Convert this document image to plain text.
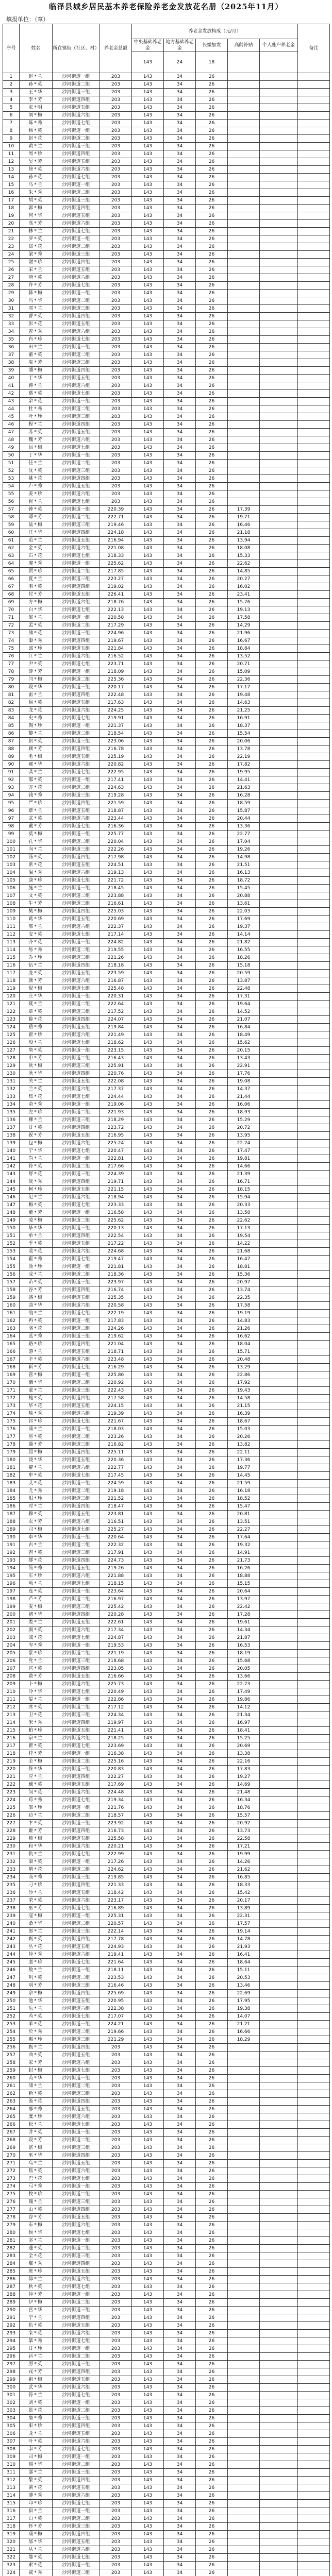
临泽县城乡居民基本养老保险养老金发放花名册（2025年11月）
填报单位：（章）
序号	姓名	所在镇街（社区、村）	养老金总额	养老金发放构成（元/月）					备注
				中央基础养老金	地方基础养老金	长缴加发	高龄补贴	个人账户养老金	
				143	24	18			
1	赵*兰	沙河街道一组	203	143	34	26			
2	孙*英	沙河街道二组	203	143	34	26			
3	王*华	沙河街道三组	203	143	34	26			
4	李*芳	沙河街道四组	203	143	34	26			
5	张*明	沙河街道五组	203	143	34	26			
6	刘*梅	沙河街道六组	203	143	34	26			
7	陈*秀	沙河街道七组	203	143	34	26			
8	杨*英	沙河街道一组	203	143	34	26			
9	赵*花	沙河街道二组	203	143	34	26			
10	黄*兰	沙河街道三组	203	143	34	26			
11	周*珍	沙河街道四组	203	143	34	26			
12	吴*芳	沙河街道五组	203	143	34	26			
13	徐*英	沙河街道六组	203	143	34	26			
14	孙*花	沙河街道七组	203	143	34	26			
15	马*兰	沙河街道一组	203	143	34	26			
16	朱*秀	沙河街道二组	203	143	34	26			
17	胡*英	沙河街道三组	203	143	34	26			
18	郭*梅	沙河街道四组	203	143	34	26			
19	何*华	沙河街道五组	203	143	34	26			
20	高*芳	沙河街道六组	203	143	34	26			
21	林*兰	沙河街道七组	203	143	34	26			
22	罗*英	沙河街道一组	203	143	34	26			
23	郑*花	沙河街道二组	203	143	34	26			
24	梁*秀	沙河街道三组	203	143	34	26			
25	谢*珍	沙河街道四组	203	143	34	26			
26	宋*兰	沙河街道五组	203	143	34	26			
27	唐*英	沙河街道六组	203	143	34	26			
28	许*芳	沙河街道七组	203	143	34	26			
29	韩*梅	沙河街道一组	203	143	34	26			
30	冯*华	沙河街道二组	203	143	34	26			
31	邓*兰	沙河街道三组	203	143	34	26			
32	曹*英	沙河街道四组	203	143	34	26			
33	彭*花	沙河街道五组	203	143	34	26			
34	曾*秀	沙河街道六组	203	143	34	26			
35	肖*珍	沙河街道七组	203	143	34	26			
36	田*兰	沙河街道一组	203	143	34	26			
37	董*英	沙河街道二组	203	143	34	26			
38	袁*芳	沙河街道三组	203	143	34	26			
39	潘*梅	沙河街道四组	203	143	34	26			
40	于*华	沙河街道五组	203	143	34	26			
41	蒋*兰	沙河街道六组	203	143	34	26			
42	蔡*英	沙河街道七组	203	143	34	26			
43	余*花	沙河街道一组	203	143	34	26			
44	杜*秀	沙河街道二组	203	143	34	26			
45	叶*珍	沙河街道三组	203	143	34	26			
46	程*兰	沙河街道四组	203	143	34	26			
47	苏*英	沙河街道五组	203	143	34	26			
48	魏*芳	沙河街道六组	203	143	34	26			
49	吕*梅	沙河街道七组	203	143	34	26			
50	丁*华	沙河街道一组	203	143	34	26			
51	任*兰	沙河街道二组	203	143	34	26			
52	沈*英	沙河街道三组	203	143	34	26			
53	姚*花	沙河街道四组	203	143	34	26			
54	卢*秀	沙河街道五组	203	143	34	26			
55	姜*珍	沙河街道六组	203	143	34	26			
56	崔*兰	沙河街道七组	203	143	34	26			
57	钟*英	沙河街道一组	220.39	143	34	26	17.39		
58	谭*芳	沙河街道二组	222.71	143	34	26	19.71		
59	陆*梅	沙河街道三组	219.46	143	34	26	16.46		
60	汪*华	沙河街道四组	224.18	143	34	26	21.18		
61	范*兰	沙河街道五组	216.94	143	34	26	13.94		
62	金*英	沙河街道六组	221.08	143	34	26	18.08		
63	石*花	沙河街道七组	218.33	143	34	26	15.33		
64	廖*秀	沙河街道一组	225.62	143	34	26	22.62		
65	贾*珍	沙河街道二组	217.85	143	34	26	14.85		
66	夏*兰	沙河街道三组	223.27	143	34	26	20.27		
67	韦*英	沙河街道四组	219.02	143	34	26	16.02		
68	付*芳	沙河街道五组	226.41	143	34	26	23.41		
69	方*梅	沙河街道六组	218.76	143	34	26	15.76		
70	白*华	沙河街道七组	222.13	143	34	26	19.13		
71	邹*兰	沙河街道一组	220.58	143	34	26	17.58		
72	孟*英	沙河街道二组	217.29	143	34	26	14.29		
73	熊*花	沙河街道三组	224.96	143	34	26	21.96		
74	秦*秀	沙河街道四组	219.67	143	34	26	16.67		
75	邱*珍	沙河街道五组	221.84	143	34	26	18.84		
76	江*兰	沙河街道六组	216.52	143	34	26	13.52		
77	尹*英	沙河街道七组	223.71	143	34	26	20.71		
78	薛*芳	沙河街道一组	218.09	143	34	26	15.09		
79	闫*梅	沙河街道二组	225.36	143	34	26	22.36		
80	段*华	沙河街道三组	220.17	143	34	26	17.17		
81	雷*兰	沙河街道四组	222.48	143	34	26	19.48		
82	侯*英	沙河街道五组	217.63	143	34	26	14.63		
83	龙*花	沙河街道六组	224.25	143	34	26	21.25		
84	史*秀	沙河街道七组	219.91	143	34	26	16.91		
85	陶*珍	沙河街道一组	221.37	143	34	26	18.37		
86	黎*兰	沙河街道二组	218.54	143	34	26	15.54		
87	贺*英	沙河街道三组	223.06	143	34	26	20.06		
88	顾*芳	沙河街道四组	216.78	143	34	26	13.78		
89	毛*梅	沙河街道五组	225.19	143	34	26	22.19		
90	郝*华	沙河街道六组	220.82	143	34	26	17.82		
91	龚*兰	沙河街道七组	222.95	143	34	26	19.95		
92	邵*英	沙河街道一组	217.41	143	34	26	14.41		
93	万*花	沙河街道二组	224.63	143	34	26	21.63		
94	钱*秀	沙河街道三组	219.28	143	34	26	16.28		
95	严*珍	沙河街道四组	221.59	143	34	26	18.59		
96	覃*兰	沙河街道五组	218.87	143	34	26	15.87		
97	武*英	沙河街道六组	223.44	143	34	26	20.44		
98	戴*芳	沙河街道七组	216.36	143	34	26	13.36		
99	莫*梅	沙河街道一组	225.77	143	34	26	22.77		
100	孔*华	沙河街道二组	220.04	143	34	26	17.04		
101	向*兰	沙河街道三组	222.26	143	34	26	19.26		
102	汤*英	沙河街道四组	217.98	143	34	26	14.98		
103	常*花	沙河街道五组	224.51	143	34	26	21.51		
104	温*秀	沙河街道六组	219.13	143	34	26	16.13		
105	康*珍	沙河街道七组	221.72	143	34	26	18.72		
106	施*兰	沙河街道一组	218.45	143	34	26	15.45		
107	文*英	沙河街道二组	223.88	143	34	26	20.88		
108	牛*芳	沙河街道三组	216.61	143	34	26	13.61		
109	樊*梅	沙河街道四组	225.03	143	34	26	22.03		
110	葛*华	沙河街道五组	220.69	143	34	26	17.69		
111	邢*兰	沙河街道六组	222.37	143	34	26	19.37		
112	安*英	沙河街道七组	217.14	143	34	26	14.14		
113	齐*花	沙河街道一组	224.82	143	34	26	21.82		
114	易*秀	沙河街道二组	219.55	143	34	26	16.55		
115	乔*珍	沙河街道三组	221.26	143	34	26	18.26		
116	伍*兰	沙河街道四组	218.18	143	34	26	15.18		
117	庞*英	沙河街道五组	223.59	143	34	26	20.59		
118	颜*芳	沙河街道六组	216.87	143	34	26	13.87		
119	倪*梅	沙河街道七组	225.48	143	34	26	22.48		
120	庄*华	沙河街道一组	220.31	143	34	26	17.31		
121	聂*兰	沙河街道二组	222.64	143	34	26	19.64		
122	章*英	沙河街道三组	217.52	143	34	26	14.52		
123	鲁*花	沙河街道四组	224.07	143	34	26	21.07		
124	岳*秀	沙河街道五组	219.84	143	34	26	16.84		
125	翟*珍	沙河街道六组	221.49	143	34	26	18.49		
126	殷*兰	沙河街道七组	218.62	143	34	26	15.62		
127	詹*英	沙河街道一组	223.15	143	34	26	20.15		
128	申*芳	沙河街道二组	216.43	143	34	26	13.43		
129	欧*梅	沙河街道三组	225.91	143	34	26	22.91		
130	耿*华	沙河街道四组	220.76	143	34	26	17.76		
131	关*兰	沙河街道五组	222.08	143	34	26	19.08		
132	兰*英	沙河街道六组	217.37	143	34	26	14.37		
133	焦*花	沙河街道七组	224.44	143	34	26	21.44		
134	俞*秀	沙河街道一组	219.06	143	34	26	16.06		
135	左*珍	沙河街道二组	221.93	143	34	26	18.93		
136	柳*兰	沙河街道三组	218.29	143	34	26	15.29		
137	甘*英	沙河街道四组	223.72	143	34	26	20.72		
138	祝*芳	沙河街道五组	216.95	143	34	26	13.95		
139	包*梅	沙河街道六组	225.24	143	34	26	22.24		
140	宁*华	沙河街道七组	220.47	143	34	26	17.47		
141	尚*兰	沙河街道一组	222.81	143	34	26	19.81		
142	符*英	沙河街道二组	217.66	143	34	26	14.66		
143	舒*花	沙河街道三组	224.39	143	34	26	21.39		
144	阮*秀	沙河街道四组	219.71	143	34	26	16.71		
145	柯*珍	沙河街道五组	221.15	143	34	26	18.15		
146	纪*兰	沙河街道六组	218.94	143	34	26	15.94		
147	梅*英	沙河街道七组	223.33	143	34	26	20.33		
148	童*芳	沙河街道一组	216.58	143	34	26	13.58		
149	凌*梅	沙河街道二组	225.62	143	34	26	22.62		
150	毕*华	沙河街道三组	220.13	143	34	26	17.13		
151	单*兰	沙河街道四组	222.54	143	34	26	19.54		
152	季*英	沙河街道五组	217.22	143	34	26	14.22		
153	裴*花	沙河街道六组	224.68	143	34	26	21.68		
154	霍*秀	沙河街道七组	219.47	143	34	26	16.47		
155	涂*珍	沙河街道一组	221.81	143	34	26	18.81		
156	成*兰	沙河街道二组	218.36	143	34	26	15.36		
157	苗*英	沙河街道三组	223.97	143	34	26	20.97		
158	谷*芳	沙河街道四组	216.74	143	34	26	13.74		
159	盛*梅	沙河街道五组	225.35	143	34	26	22.35		
160	曲*华	沙河街道六组	220.58	143	34	26	17.58		
161	翁*兰	沙河街道七组	222.19	143	34	26	19.19		
162	冉*英	沙河街道一组	217.83	143	34	26	14.83		
163	骆*花	沙河街道二组	224.26	143	34	26	21.26		
164	蓝*秀	沙河街道三组	219.62	143	34	26	16.62		
165	路*珍	沙河街道四组	221.04	143	34	26	18.04		
166	游*兰	沙河街道五组	218.71	143	34	26	15.71		
167	辛*英	沙河街道六组	223.48	143	34	26	20.48		
168	靳*芳	沙河街道七组	216.29	143	34	26	13.29		
169	管*梅	沙河街道一组	225.86	143	34	26	22.86		
170	柴*华	沙河街道二组	220.92	143	34	26	17.92		
171	蒙*兰	沙河街道三组	222.43	143	34	26	19.43		
172	鲍*英	沙河街道四组	217.58	143	34	26	14.58		
173	华*花	沙河街道五组	224.15	143	34	26	21.15		
174	喻*秀	沙河街道六组	219.39	143	34	26	16.39		
175	祁*珍	沙河街道七组	221.67	143	34	26	18.67		
176	蒲*兰	沙河街道一组	218.03	143	34	26	15.03		
177	房*英	沙河街道二组	223.26	143	34	26	20.26		
178	滕*芳	沙河街道三组	216.82	143	34	26	13.82		
179	屈*梅	沙河街道四组	225.11	143	34	26	22.11		
180	饶*华	沙河街道五组	220.36	143	34	26	17.36		
181	解*兰	沙河街道六组	222.77	143	34	26	19.77		
182	牟*英	沙河街道七组	217.45	143	34	26	14.45		
183	艾*花	沙河街道一组	224.59	143	34	26	21.59		
184	尤*秀	沙河街道二组	219.18	143	34	26	16.18		
185	阳*珍	沙河街道三组	221.52	143	34	26	18.52		
186	时*兰	沙河街道四组	218.47	143	34	26	15.47		
187	穆*英	沙河街道五组	223.81	143	34	26	20.81		
188	农*芳	沙河街道六组	216.51	143	34	26	13.51		
189	司*梅	沙河街道七组	225.27	143	34	26	22.27		
190	卓*华	沙河街道一组	220.64	143	34	26	17.64		
191	古*兰	沙河街道二组	222.32	143	34	26	19.32		
192	吉*英	沙河街道三组	217.91	143	34	26	14.91		
193	缪*花	沙河街道四组	224.73	143	34	26	21.73		
194	简*秀	沙河街道五组	219.26	143	34	26	16.26		
195	车*珍	沙河街道六组	221.88	143	34	26	18.88		
196	项*兰	沙河街道七组	218.15	143	34	26	15.15		
197	连*英	沙河街道一组	223.64	143	34	26	20.64		
198	芦*芳	沙河街道二组	216.97	143	34	26	13.97		
199	麦*梅	沙河街道三组	225.42	143	34	26	22.42		
200	褚*华	沙河街道四组	220.28	143	34	26	17.28		
201	娄*兰	沙河街道五组	222.61	143	34	26	19.61		
202	窦*英	沙河街道六组	217.34	143	34	26	14.34		
203	戚*花	沙河街道七组	224.87	143	34	26	21.87		
204	岑*秀	沙河街道一组	219.53	143	34	26	16.53		
205	景*珍	沙河街道二组	221.19	143	34	26	18.19		
206	党*兰	沙河街道三组	218.68	143	34	26	15.68		
207	宫*英	沙河街道四组	223.05	143	34	26	20.05		
208	费*芳	沙河街道五组	216.66	143	34	26	13.66		
209	卜*梅	沙河街道六组	225.73	143	34	26	22.73		
210	冷*华	沙河街道七组	220.49	143	34	26	17.49		
211	晏*兰	沙河街道一组	222.86	143	34	26	19.86		
212	席*英	沙河街道二组	217.12	143	34	26	14.12		
213	卫*花	沙河街道三组	224.34	143	34	26	21.34		
214	米*秀	沙河街道四组	219.97	143	34	26	16.97		
215	柏*珍	沙河街道五组	221.41	143	34	26	18.41		
216	宗*兰	沙河街道六组	218.25	143	34	26	15.25		
217	瞿*英	沙河街道七组	223.69	143	34	26	20.69		
218	桂*芳	沙河街道一组	216.38	143	34	26	13.38		
219	全*梅	沙河街道二组	225.16	143	34	26	22.16		
220	佟*华	沙河街道三组	220.83	143	34	26	17.83		
221	应*兰	沙河街道四组	222.27	143	34	26	19.27		
222	臧*英	沙河街道五组	217.69	143	34	26	14.69		
223	闵*花	沙河街道六组	224.48	143	34	26	21.48		
224	苟*秀	沙河街道七组	219.34	143	34	26	16.34		
225	邬*珍	沙河街道一组	221.76	143	34	26	18.76		
226	边*兰	沙河街道二组	218.57	143	34	26	15.57		
227	卞*英	沙河街道三组	223.92	143	34	26	20.92		
228	姬*芳	沙河街道四组	216.73	143	34	26	13.73		
229	师*梅	沙河街道五组	225.58	143	34	26	22.58		
230	和*华	沙河街道六组	220.21	143	34	26	17.21		
231	仇*兰	沙河街道七组	222.99	143	34	26	19.99		
232	栾*英	沙河街道一组	217.26	143	34	26	14.26		
233	隋*花	沙河街道二组	224.62	143	34	26	21.62		
234	商*秀	沙河街道三组	219.85	143	34	26	16.85		
235	刁*珍	沙河街道四组	221.33	143	34	26	18.33		
236	沙*兰	沙河街道五组	218.42	143	34	26	15.42		
237	荣*英	沙河街道六组	223.17	143	34	26	20.17		
238	巫*芳	沙河街道七组	216.89	143	34	26	13.89		
239	寇*梅	沙河街道一组	225.31	143	34	26	22.31		
240	桑*华	沙河街道二组	220.57	143	34	26	17.57		
241	郎*兰	沙河街道三组	222.14	143	34	26	19.14		
242	甄*英	沙河街道四组	217.78	143	34	26	14.78		
243	丛*花	沙河街道五组	224.93	143	34	26	21.93		
244	仲*秀	沙河街道六组	219.41	143	34	26	16.41		
245	虞*珍	沙河街道七组	221.64	143	34	26	18.64		
246	敖*兰	沙河街道一组	218.11	143	34	26	15.11		
247	巩*英	沙河街道二组	223.53	143	34	26	20.53		
248	明*芳	沙河街道三组	216.46	143	34	26	13.46		
249	佘*梅	沙河街道四组	225.69	143	34	26	22.69		
250	池*华	沙河街道五组	220.95	143	34	26	17.95		
251	乐*兰	沙河街道六组	222.38	143	34	26	19.38		
252	芮*英	沙河街道七组	217.07	143	34	26	14.07		
253	羊*花	沙河街道一组	224.21	143	34	26	21.21		
254	於*秀	沙河街道二组	219.66	143	34	26	16.66		
255	惠*珍	沙河街道三组	221.29	143	34	26	18.29		
256	甄*兰	沙河街道四组	203	143	34	26			
257	曲*英	沙河街道五组	203	143	34	26			
258	家*芳	沙河街道六组	203	143	34	26			
259	封*梅	沙河街道七组	203	143	34	26			
260	芮*华	沙河街道一组	203	143	34	26			
261	储*兰	沙河街道二组	203	143	34	26			
262	靳*英	沙河街道三组	203	143	34	26			
263	汲*花	沙河街道四组	203	143	34	26			
264	邴*秀	沙河街道五组	203	143	34	26			
265	糜*珍	沙河街道六组	203	143	34	26			
266	松*兰	沙河街道七组	203	143	34	26			
267	井*英	沙河街道一组	203	143	34	26			
268	段*芳	沙河街道二组	203	143	34	26			
269	富*梅	沙河街道三组	203	143	34	26			
270	巫*华	沙河街道四组	203	143	34	26			
271	乌*兰	沙河街道五组	203	143	34	26			
272	焦*英	沙河街道六组	203	143	34	26			
273	巴*花	沙河街道七组	203	143	34	26			
274	弓*秀	沙河街道一组	203	143	34	26			
275	牧*珍	沙河街道二组	203	143	34	26			
276	隗*兰	沙河街道三组	203	143	34	26			
277	山*英	沙河街道四组	203	143	34	26			
278	谷*芳	沙河街道五组	203	143	34	26			
279	车*梅	沙河街道六组	203	143	34	26			
280	侯*华	沙河街道七组	203	143	34	26			
281	宓*兰	沙河街道一组	203	143	34	26			
282	蓬*英	沙河街道二组	203	143	34	26			
283	全*花	沙河街道三组	203	143	34	26			
284	郗*秀	沙河街道四组	203	143	34	26			
285	班*珍	沙河街道五组	203	143	34	26			
286	仰*兰	沙河街道六组	203	143	34	26			
287	秋*英	沙河街道七组	203	143	34	26			
288	仲*芳	沙河街道一组	203	143	34	26			
289	伊*梅	沙河街道二组	203	143	34	26			
290	宫*华	沙河街道三组	203	143	34	26			
291	宁*兰	沙河街道四组	203	143	34	26			
292	仇*英	沙河街道五组	203	143	34	26			
293	栾*花	沙河街道六组	203	143	34	26			
294	暴*秀	沙河街道七组	203	143	34	26			
295	甘*珍	沙河街道一组	203	143	34	26			
296	钭*兰	沙河街道二组	203	143	34	26			
297	厉*英	沙河街道三组	203	143	34	26			
298	戎*芳	沙河街道四组	203	143	34	26			
299	祖*梅	沙河街道五组	203	143	34	26			
300	武*华	沙河街道六组	203	143	34	26			
301	符*兰	沙河街道七组	203	143	34	26			
302	刘*英	沙河街道一组	203	143	34	26			
303	景*花	沙河街道二组	203	143	34	26			
304	詹*秀	沙河街道三组	203	143	34	26			
305	束*珍	沙河街道四组	203	143	34	26			
306	龙*兰	沙河街道五组	203	143	34	26			
307	叶*英	沙河街道六组	203	143	34	26			
308	幸*芳	沙河街道七组	203	143	34	26			
309	司*梅	沙河街道一组	203	143	34	26			
310	韶*华	沙河街道二组	203	143	34	26			
311	郜*兰	沙河街道三组	203	143	34	26			
312	黎*英	沙河街道四组	203	143	34	26			
313	蓟*花	沙河街道五组	203	143	34	26			
314	薄*秀	沙河街道六组	203	143	34	26			
315	印*珍	沙河街道七组	203	143	34	26			
316	宿*兰	沙河街道一组	203	143	34	26			
317	白*英	沙河街道二组	203	143	34	26			
318	怀*芳	沙河街道三组	203	143	34	26			
319	蒲*梅	沙河街道四组	203	143	34	26			
320	邰*华	沙河街道五组	203	143	34	26			
321	从*兰	沙河街道六组	203	143	34	26			
322	鄂*英	沙河街道七组	203	143	34	26			
323	索*花	沙河街道一组	203	143	34	26			
324	咸*秀	沙河街道二组	203	143	34	26			
